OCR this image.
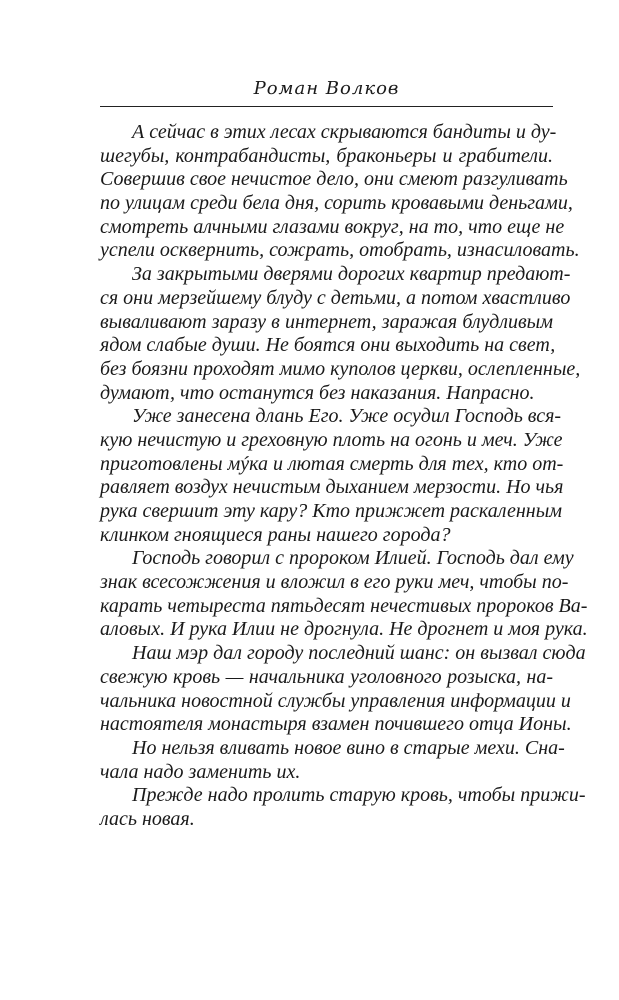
Роман Волков

А сейчас в этих лесах скрываются бандиты и ду-
шегубы, контрабандисты, браконьеры и грабители.
Совершив свое нечистое дело, они смеют разгуливать
по улицам среди бела дня, сорить кровавыми деньгами,
смотреть алчными глазами вокруг, на то, что еще не
успели осквернить, сожрать, отобрать, изнасиловать.

За закрытыми дверями дорогих квартир предают-
ся они мерзейшему блуду с детьми, а потом хвастливо
вываливают заразу в интернет, заражая блудливым
ядом слабые души. Не боятся они выходить на свет,
без боязни проходят мимо куполов церкви, ослепленные,
думают, что останутся без наказания. Напрасно.

Уже занесена длань Его. Уже осудил Господь вся-
кую нечистую и греховную плоть на огонь и меч. Уже
приготовлены мýка и лютая смерть для тех, кто от-
равляет воздух нечистым дыханием мерзости. Но чья
рука свершит эту кару? Кто прижжет раскаленным
клинком гноящиеся раны нашего города?

Господь говорил с пророком Илией. Господь дал ему
знак всесожжения и вложил в его руки меч, чтобы по-
карать четыреста пятьдесят нечестивых пророков Ва-
аловых. И рука Илии не дрогнула. Не дрогнет и моя рука.

Наш мэр дал городу последний шанс: он вызвал сюда
свежую кровь — начальника уголовного розыска, на-
чальника новостной службы управления информации и
настоятеля монастыря взамен почившего отца Ионы.

Но нельзя вливать новое вино в старые мехи. Сна-
чала надо заменить их.

Прежде надо пролить старую кровь, чтобы прижи-
лась новая.
